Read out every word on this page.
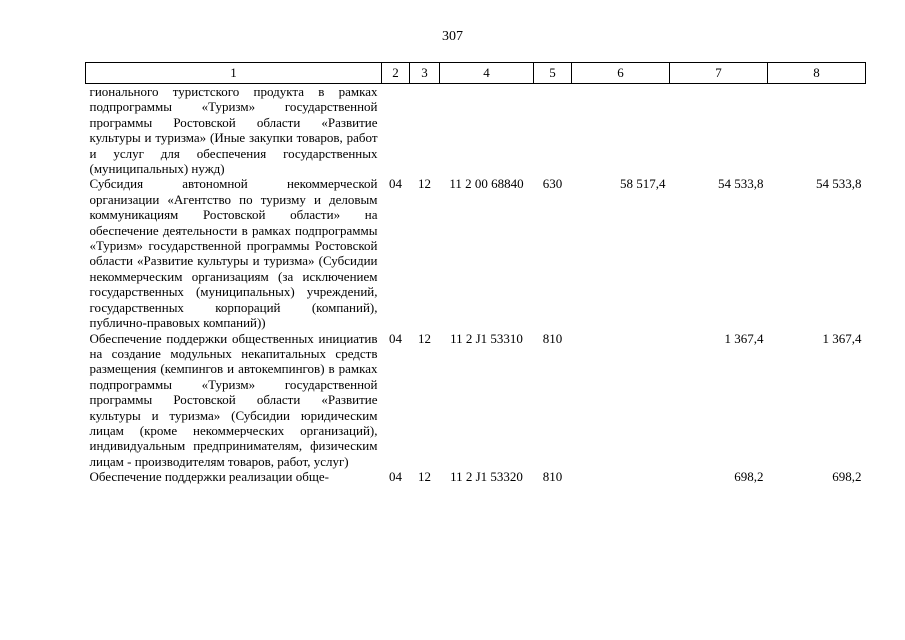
307
1	2	3	4	5	6	7	8
гионального туристского продукта в рамках подпрограммы «Туризм» государственной программы Ростовской области «Развитие культуры и туризма» (Иные закупки товаров, работ и услуг для обеспечения государственных (муниципальных) нужд)							
Субсидия автономной некоммерческой организации «Агентство по туризму и деловым коммуникациям Ростовской области» на обеспечение деятельности в рамках подпрограммы «Туризм» государственной программы Ростовской области «Развитие культуры и туризма» (Субсидии некоммерческим организациям (за исключением государственных (муниципальных) учреждений, государственных корпораций (компаний), публично-правовых компаний))	04	12	11 2 00 68840	630	58 517,4	54 533,8	54 533,8
Обеспечение поддержки общественных инициатив на создание модульных некапитальных средств размещения (кемпингов и автокемпингов) в рамках подпрограммы «Туризм» государственной программы Ростовской области «Развитие культуры и туризма» (Субсидии юридическим лицам (кроме некоммерческих организаций), индивидуальным предпринимателям, физическим лицам - производителям товаров, работ, услуг)	04	12	11 2 J1 53310	810		1 367,4	1 367,4
Обеспечение поддержки реализации обще-	04	12	11 2 J1 53320	810		698,2	698,2
